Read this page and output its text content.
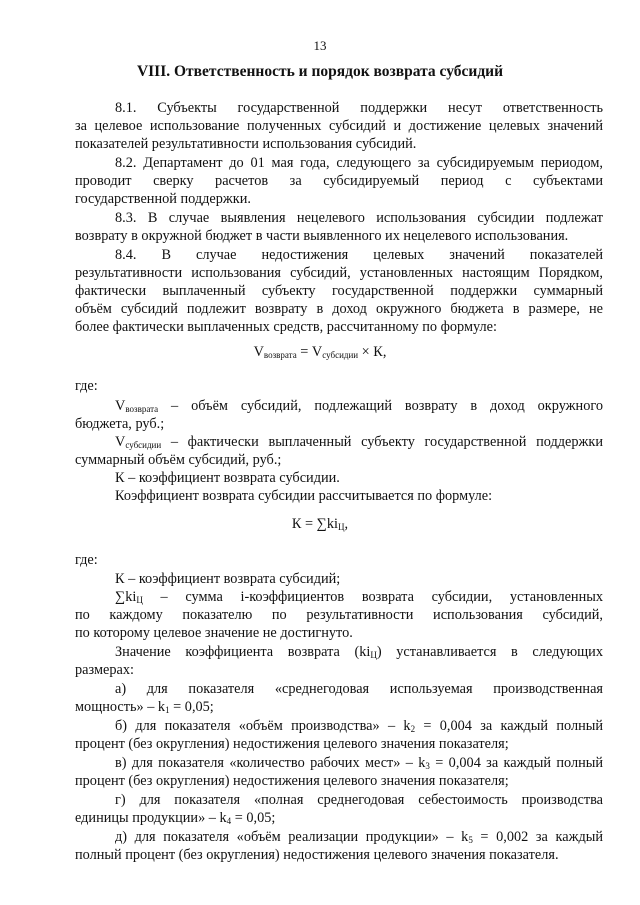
13
VIII. Ответственность и порядок возврата субсидий

8.1. Субъекты государственной поддержки несут ответственность

за целевое использование полученных субсидий и достижение целевых значений

показателей результативности использования субсидий.

8.2. Департамент до 01 мая года, следующего за субсидируемым периодом,

проводит сверку расчетов за субсидируемый период с субъектами

государственной поддержки.

8.3. В случае выявления нецелевого использования субсидии подлежат

возврату в окружной бюджет в части выявленного их нецелевого использования.

8.4. В случае недостижения целевых значений показателей

результативности использования субсидий, установленных настоящим Порядком,

фактически выплаченный субъекту государственной поддержки суммарный

объём субсидий подлежит возврату в доход окружного бюджета в размере, не

более фактически выплаченных средств, рассчитанному по формуле:

$V_{возврата} = V_{субсидии} \times К$,

где:

$V_{возврата}$ – объём субсидий, подлежащий возврату в доход окружного

бюджета, руб.;

$V_{субсидии}$ – фактически выплаченный субъекту государственной поддержки

суммарный объём субсидий, руб.;

К – коэффициент возврата субсидии.

Коэффициент возврата субсидии рассчитывается по формуле:

$К = \sum ki_Ц$,

где:

К – коэффициент возврата субсидий;

$\sum ki_Ц$ – сумма i-коэффициентов возврата субсидии, установленных

по каждому показателю по результативности использования субсидий,

по которому целевое значение не достигнуто.

Значение коэффициента возврата $(ki_Ц)$ устанавливается в следующих

размерах:

а) для показателя «среднегодовая используемая производственная

мощность» – $k_1 = 0,05$;

б) для показателя «объём производства» – $k_2 = 0,004$ за каждый полный

процент (без округления) недостижения целевого значения показателя;

в) для показателя «количество рабочих мест» – $k_3 = 0,004$ за каждый полный

процент (без округления) недостижения целевого значения показателя;

г) для показателя «полная среднегодовая себестоимость производства

единицы продукции» – $k_4 = 0,05$;

д) для показателя «объём реализации продукции» – $k_5 = 0,002$ за каждый

полный процент (без округления) недостижения целевого значения показателя.
